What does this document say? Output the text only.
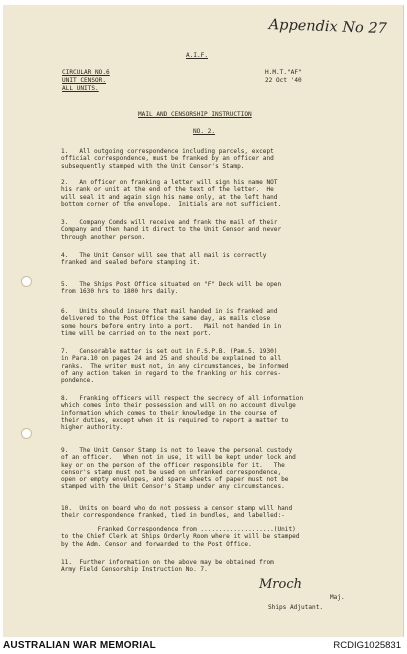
Appendix No 27
A.I.F.
CIRCULAR NO.6
UNIT CENSOR.
ALL UNITS.
H.M.T."AF"
22 Oct '40
MAIL AND CENSORSHIP INSTRUCTION
NO. 2.
1.   All outgoing correspondence including parcels, except
official correspondence, must be franked by an officer and
subsequently stamped with the Unit Censor's Stamp.
2.   An officer on franking a letter will sign his name NOT
his rank or unit at the end of the text of the letter.  He
will seal it and again sign his name only, at the left hand
bottom corner of the envelope.  Initials are not sufficient.
3.   Company Comds will receive and frank the mail of their
Company and then hand it direct to the Unit Censor and never
through another person.
4.   The Unit Censor will see that all mail is correctly
franked and sealed before stamping it.
5.   The Ships Post Office situated on "F" Deck will be open
from 1630 hrs to 1800 hrs daily.
6.   Units should insure that mail handed in is franked and
delivered to the Post Office the same day, as mails close
some hours before entry into a port.   Mail not handed in in
time will be carried on to the next port.
7.   Censorable matter is set out in F.S.P.B. (Pam.5. 1930)
in Para.10 on pages 24 and 25 and should be explained to all
ranks.  The writer must not, in any circumstances, be informed
of any action taken in regard to the franking or his corres-
pondence.
8.   Franking officers will respect the secrecy of all information
which comes into their possession and will on no account divulge
information which comes to their knowledge in the course of
their duties, except when it is required to report a matter to
higher authority.
9.   The Unit Censor Stamp is not to leave the personal custody
of an officer.   When not in use, it will be kept under lock and
key or on the person of the officer responsible for it.   The
censor's stamp must not be used on unfranked correspondence,
open or empty envelopes, and spare sheets of paper must not be
stamped with the Unit Censor's Stamp under any circumstances.
10.  Units on board who do not possess a censor stamp will hand
their correspondence franked, tied in bundles, and labelled:-
Franked Correspondence from ....................(Unit)
to the Chief Clerk at Ships Orderly Room where it will be stamped
by the Adm. Censor and forwarded to the Post Office.
11.  Further information on the above may be obtained from
Army Field Censorship Instruction No. 7.
Mroch
Maj.
Ships Adjutant.
AUSTRALIAN WAR MEMORIAL	RCDIG1025831
